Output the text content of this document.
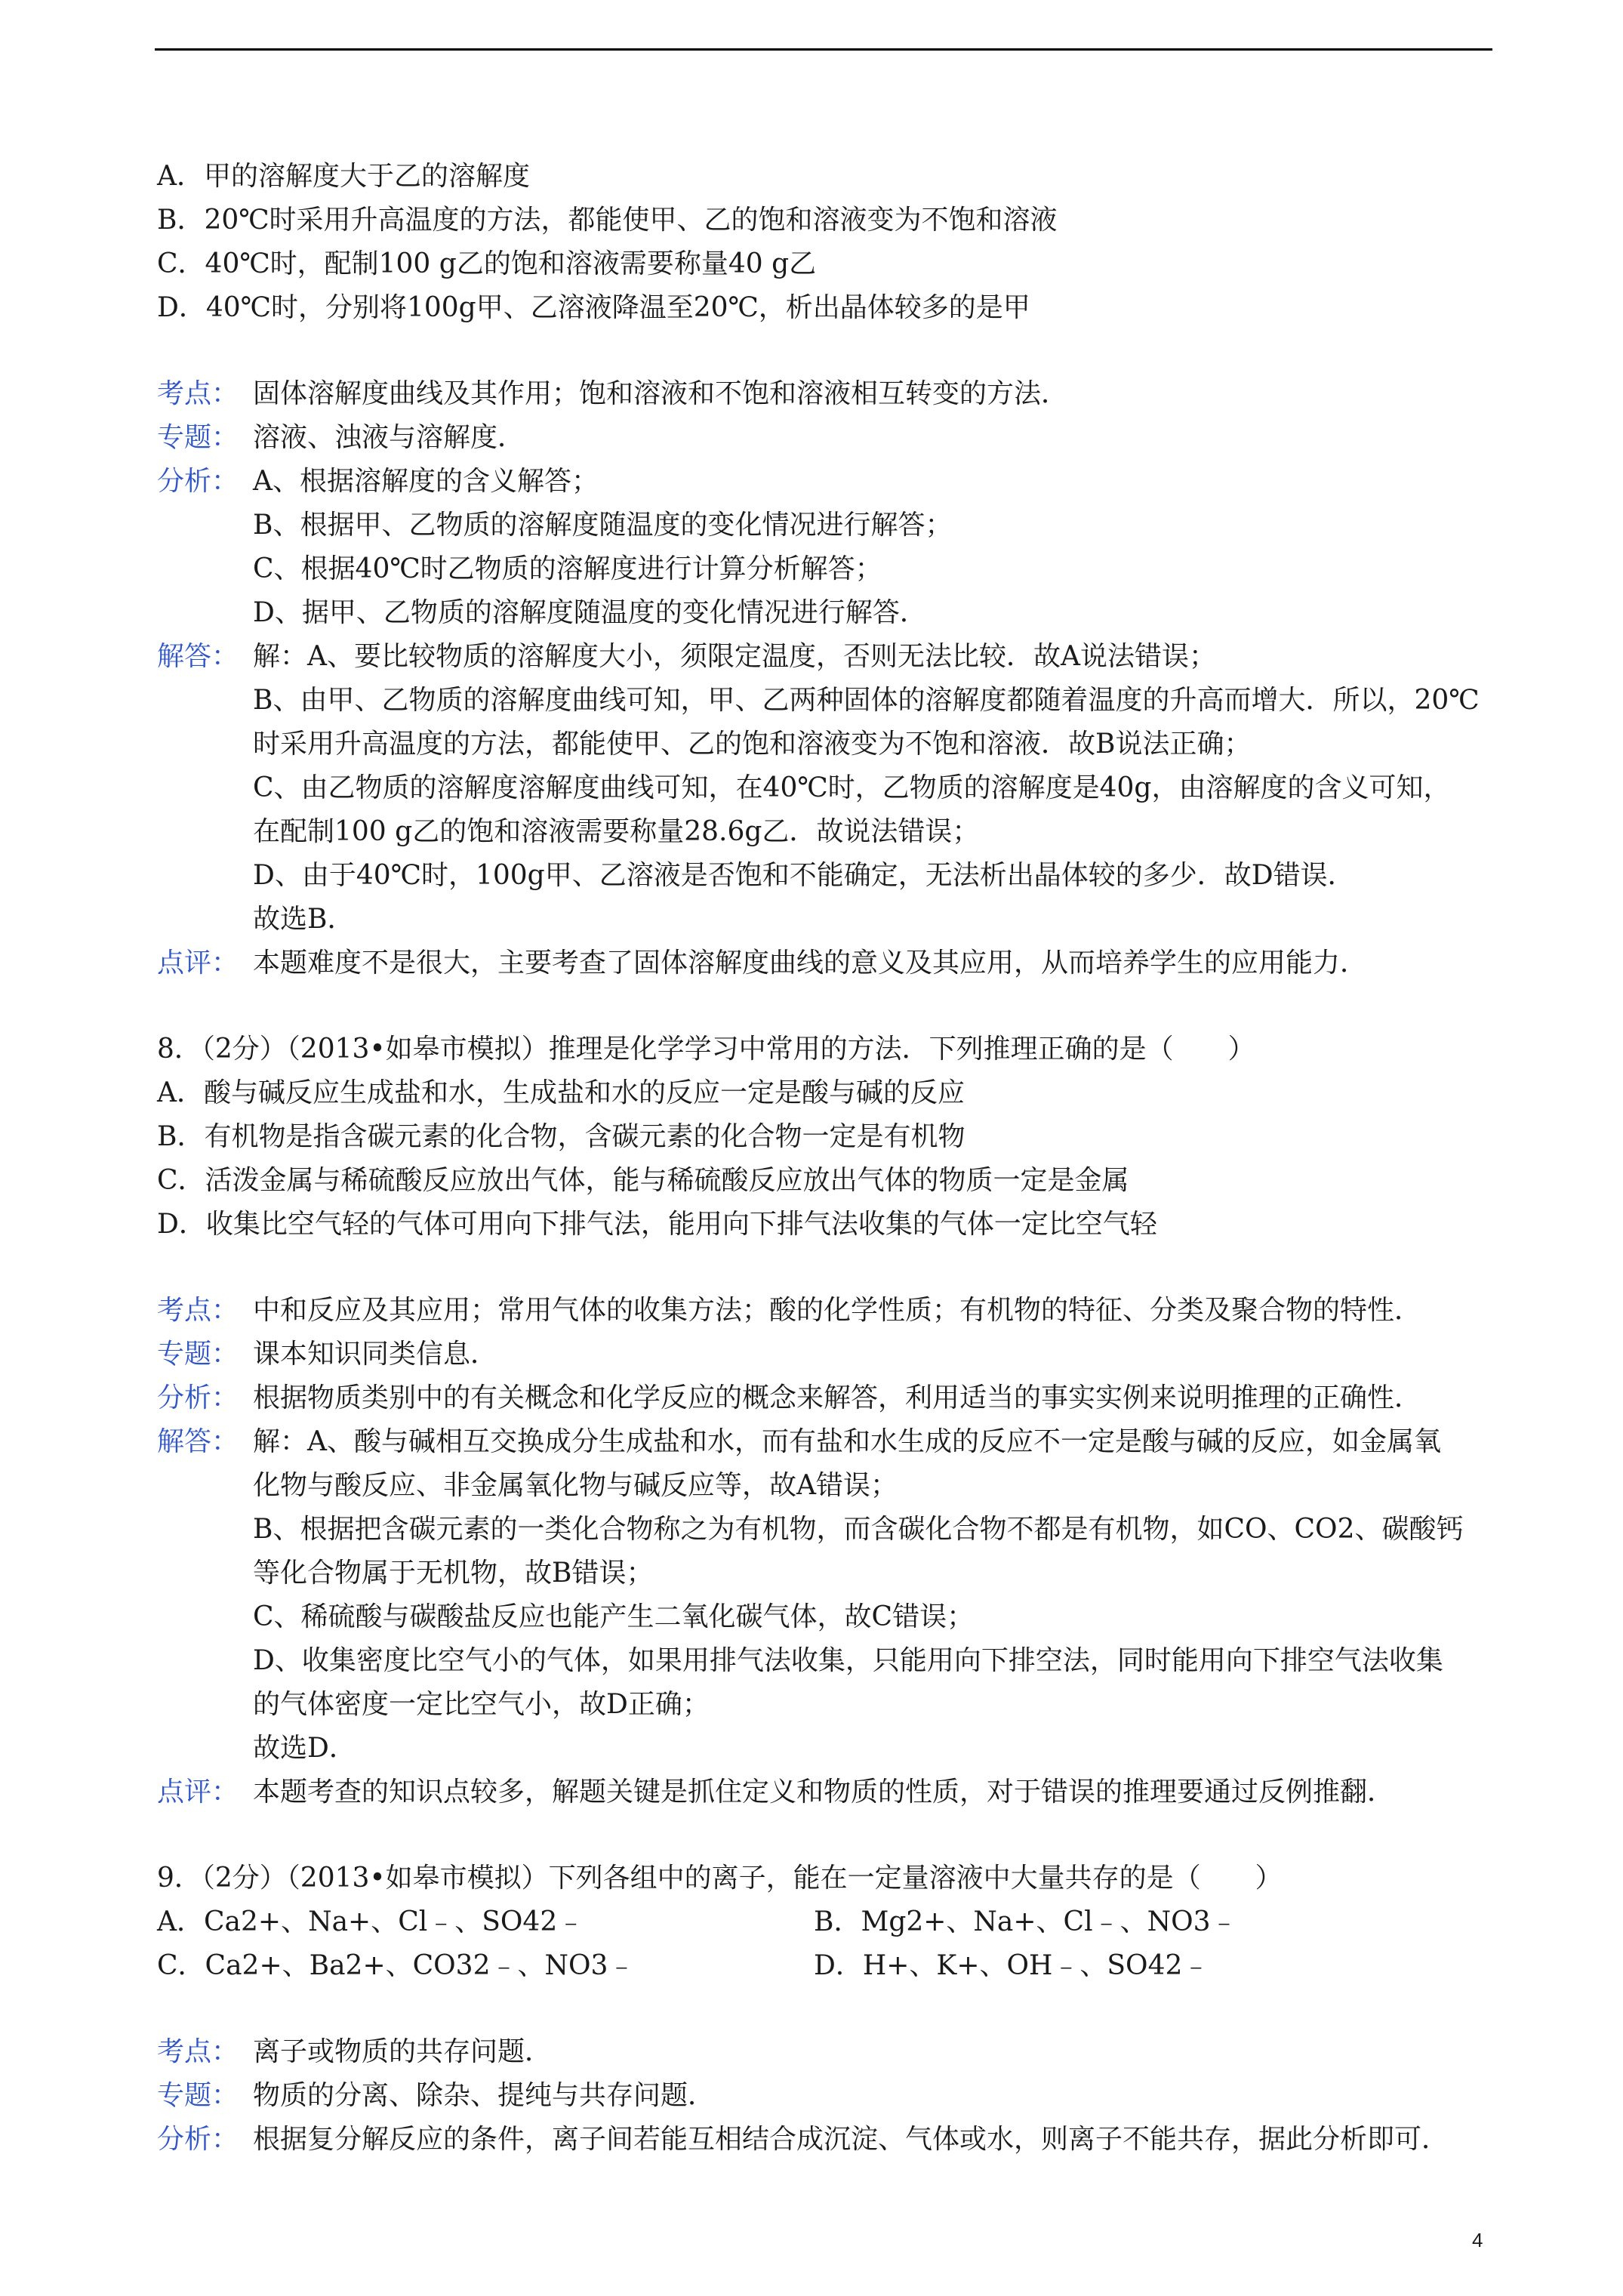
A．甲的溶解度大于乙的溶解度
B．20℃时采用升高温度的方法，都能使甲、乙的饱和溶液变为不饱和溶液
C．40℃时，配制100 g乙的饱和溶液需要称量40 g乙
D．40℃时，分别将100g甲、乙溶液降温至20℃，析出晶体较多的是甲
考点： 固体溶解度曲线及其作用；饱和溶液和不饱和溶液相互转变的方法．
专题： 溶液、浊液与溶解度．
分析： A、根据溶解度的含义解答；
B、根据甲、乙物质的溶解度随温度的变化情况进行解答；
C、根据40℃时乙物质的溶解度进行计算分析解答；
D、据甲、乙物质的溶解度随温度的变化情况进行解答．
解答： 解：A、要比较物质的溶解度大小，须限定温度，否则无法比较．故A说法错误；
B、由甲、乙物质的溶解度曲线可知，甲、乙两种固体的溶解度都随着温度的升高而增大．所以，20℃
时采用升高温度的方法，都能使甲、乙的饱和溶液变为不饱和溶液．故B说法正确；
C、由乙物质的溶解度溶解度曲线可知，在40℃时，乙物质的溶解度是40g，由溶解度的含义可知，
在配制100 g乙的饱和溶液需要称量28.6g乙．故说法错误；
D、由于40℃时，100g甲、乙溶液是否饱和不能确定，无法析出晶体较的多少．故D错误．
故选B．
点评： 本题难度不是很大，主要考查了固体溶解度曲线的意义及其应用，从而培养学生的应用能力．
8．（2分）（2013•如皋市模拟）推理是化学学习中常用的方法．下列推理正确的是（　　）
A．酸与碱反应生成盐和水，生成盐和水的反应一定是酸与碱的反应
B．有机物是指含碳元素的化合物，含碳元素的化合物一定是有机物
C．活泼金属与稀硫酸反应放出气体，能与稀硫酸反应放出气体的物质一定是金属
D．收集比空气轻的气体可用向下排气法，能用向下排气法收集的气体一定比空气轻
考点： 中和反应及其应用；常用气体的收集方法；酸的化学性质；有机物的特征、分类及聚合物的特性．
专题： 课本知识同类信息．
分析： 根据物质类别中的有关概念和化学反应的概念来解答，利用适当的事实实例来说明推理的正确性．
解答： 解：A、酸与碱相互交换成分生成盐和水，而有盐和水生成的反应不一定是酸与碱的反应，如金属氧
化物与酸反应、非金属氧化物与碱反应等，故A错误；
B、根据把含碳元素的一类化合物称之为有机物，而含碳化合物不都是有机物，如CO、CO2、碳酸钙
等化合物属于无机物，故B错误；
C、稀硫酸与碳酸盐反应也能产生二氧化碳气体，故C错误；
D、收集密度比空气小的气体，如果用排气法收集，只能用向下排空法，同时能用向下排空气法收集
的气体密度一定比空气小，故D正确；
故选D．
点评： 本题考查的知识点较多，解题关键是抓住定义和物质的性质，对于错误的推理要通过反例推翻．
9．（2分）（2013•如皋市模拟）下列各组中的离子，能在一定量溶液中大量共存的是（　　）
A．Ca2+、Na+、Cl﹣、SO42﹣	B．Mg2+、Na+、Cl﹣、NO3﹣
C．Ca2+、Ba2+、CO32﹣、NO3﹣	D．H+、K+、OH﹣、SO42﹣
考点： 离子或物质的共存问题．
专题： 物质的分离、除杂、提纯与共存问题．
分析： 根据复分解反应的条件，离子间若能互相结合成沉淀、气体或水，则离子不能共存，据此分析即可．
4
